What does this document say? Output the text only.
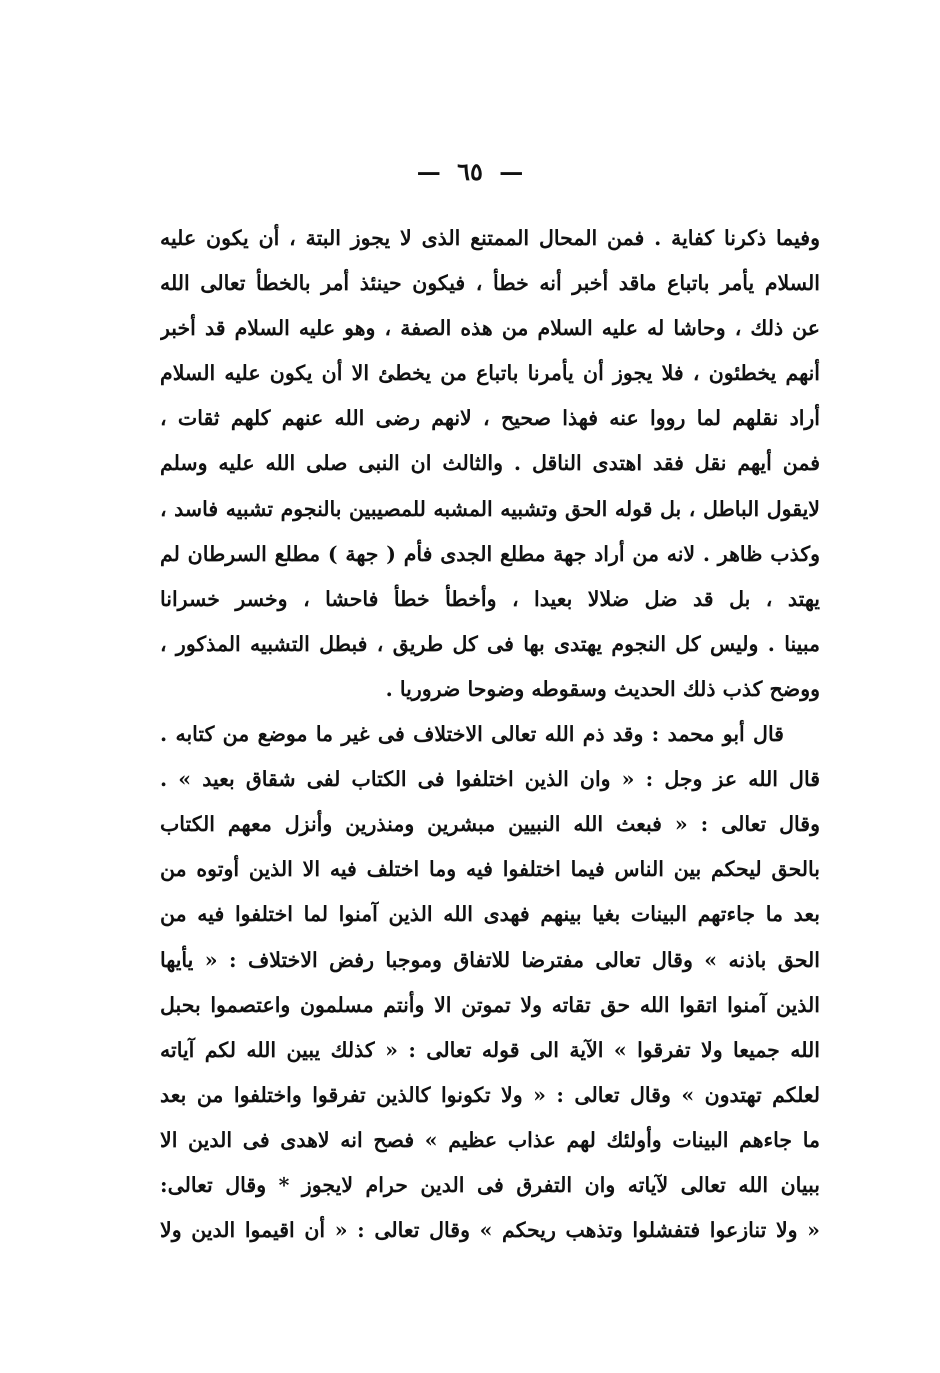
— ٦٥ —
وفيما ذكرنا كفاية . فمن المحال الممتنع الذى لا يجوز البتة ، أن يكون عليه
السلام يأمر باتباع ماقد أخبر أنه خطأ ، فيكون حينئذ أمر بالخطأ تعالى الله
عن ذلك ، وحاشا له عليه السلام من هذه الصفة ، وهو عليه السلام قد أخبر
أنهم يخطئون ، فلا يجوز أن يأمرنا باتباع من يخطئ الا أن يكون عليه السلام
أراد نقلهم لما رووا عنه فهذا صحيح ، لانهم رضى الله عنهم كلهم ثقات ،
فمن أيهم نقل فقد اهتدى الناقل . والثالث ان النبى صلى الله عليه وسلم
لايقول الباطل ، بل قوله الحق وتشبيه المشبه للمصيبين بالنجوم تشبيه فاسد ،
وكذب ظاهر . لانه من أراد جهة مطلع الجدى فأم ( جهة ) مطلع السرطان لم
يهتد ، بل قد ضل ضلالا بعيدا ، وأخطأ خطأ فاحشا ، وخسر خسرانا
مبينا . وليس كل النجوم يهتدى بها فى كل طريق ، فبطل التشبيه المذكور ،
ووضح كذب ذلك الحديث وسقوطه وضوحا ضروريا .
قال أبو محمد : وقد ذم الله تعالى الاختلاف فى غير ما موضع من كتابه .
قال الله عز وجل : « وان الذين اختلفوا فى الكتاب لفى شقاق بعيد » .
وقال تعالى : « فبعث الله النبيين مبشرين ومنذرين وأنزل معهم الكتاب
بالحق ليحكم بين الناس فيما اختلفوا فيه وما اختلف فيه الا الذين أوتوه من
بعد ما جاءتهم البينات بغيا بينهم فهدى الله الذين آمنوا لما اختلفوا فيه من
الحق باذنه » وقال تعالى مفترضا للاتفاق وموجبا رفض الاختلاف : « يأيها
الذين آمنوا اتقوا الله حق تقاته ولا تموتن الا وأنتم مسلمون واعتصموا بحبل
الله جميعا ولا تفرقوا » الآية الى قوله تعالى : « كذلك يبين الله لكم آياته
لعلكم تهتدون » وقال تعالى : « ولا تكونوا كالذين تفرقوا واختلفوا من بعد
ما جاءهم البينات وأولئك لهم عذاب عظيم » فصح انه لاهدى فى الدين الا
ببيان الله تعالى لآياته وان التفرق فى الدين حرام لايجوز * وقال تعالى:
« ولا تنازعوا فتفشلوا وتذهب ريحكم » وقال تعالى : « أن اقيموا الدين ولا
